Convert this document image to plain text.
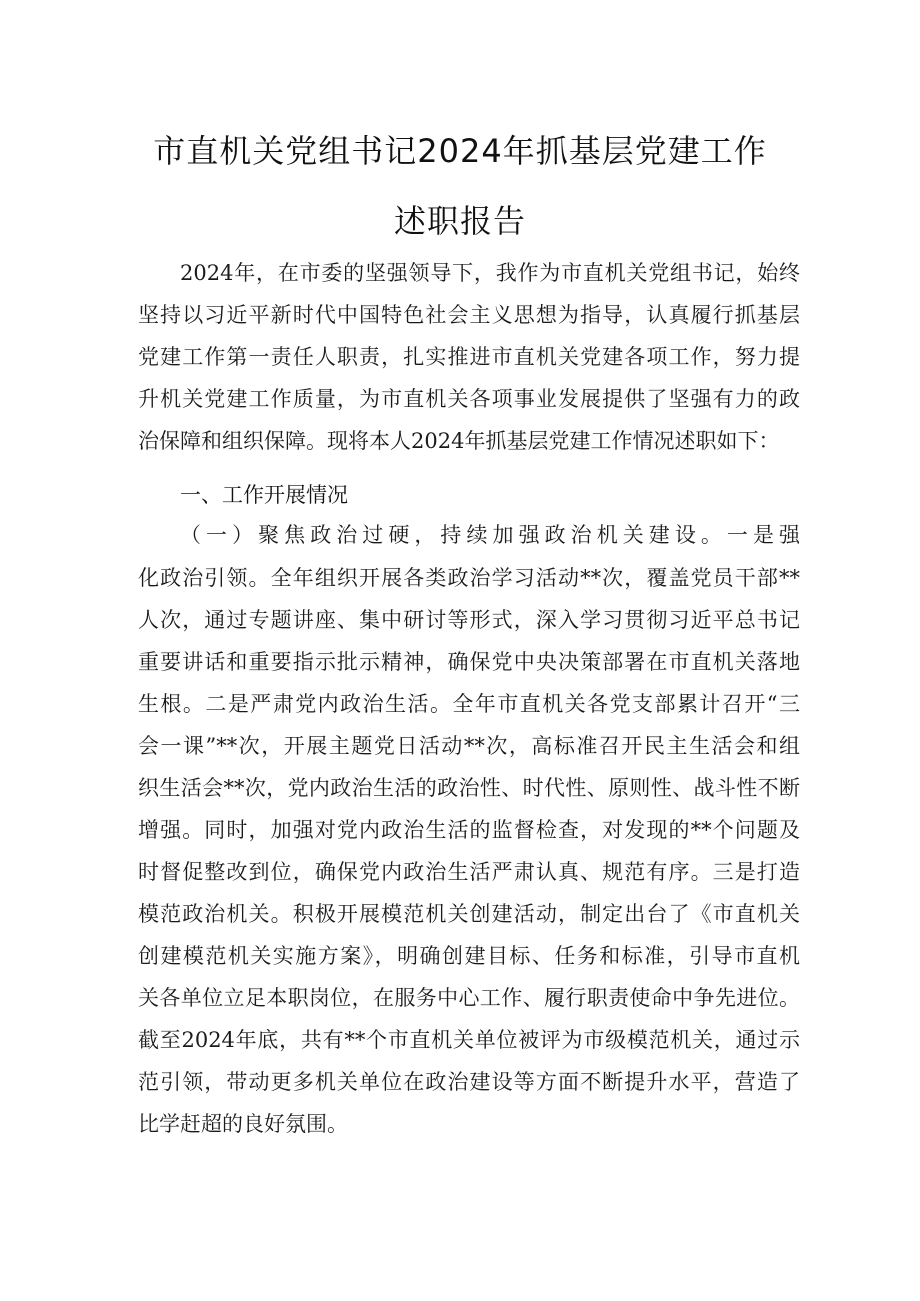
市直机关党组书记2024年抓基层党建工作
述职报告
2024年，在市委的坚强领导下，我作为市直机关党组书记，始终
坚持以习近平新时代中国特色社会主义思想为指导，认真履行抓基层
党建工作第一责任人职责，扎实推进市直机关党建各项工作，努力提
升机关党建工作质量，为市直机关各项事业发展提供了坚强有力的政
治保障和组织保障。现将本人2024年抓基层党建工作情况述职如下：
一、工作开展情况
（一）聚焦政治过硬，持续加强政治机关建设。一是强
化政治引领。全年组织开展各类政治学习活动**次，覆盖党员干部**
人次，通过专题讲座、集中研讨等形式，深入学习贯彻习近平总书记
重要讲话和重要指示批示精神，确保党中央决策部署在市直机关落地
生根。二是严肃党内政治生活。全年市直机关各党支部累计召开“三
会一课”**次，开展主题党日活动**次，高标准召开民主生活会和组
织生活会**次，党内政治生活的政治性、时代性、原则性、战斗性不断
增强。同时，加强对党内政治生活的监督检查，对发现的**个问题及
时督促整改到位，确保党内政治生活严肃认真、规范有序。三是打造
模范政治机关。积极开展模范机关创建活动，制定出台了《市直机关
创建模范机关实施方案》，明确创建目标、任务和标准，引导市直机
关各单位立足本职岗位，在服务中心工作、履行职责使命中争先进位。
截至2024年底，共有**个市直机关单位被评为市级模范机关，通过示
范引领，带动更多机关单位在政治建设等方面不断提升水平，营造了
比学赶超的良好氛围。
